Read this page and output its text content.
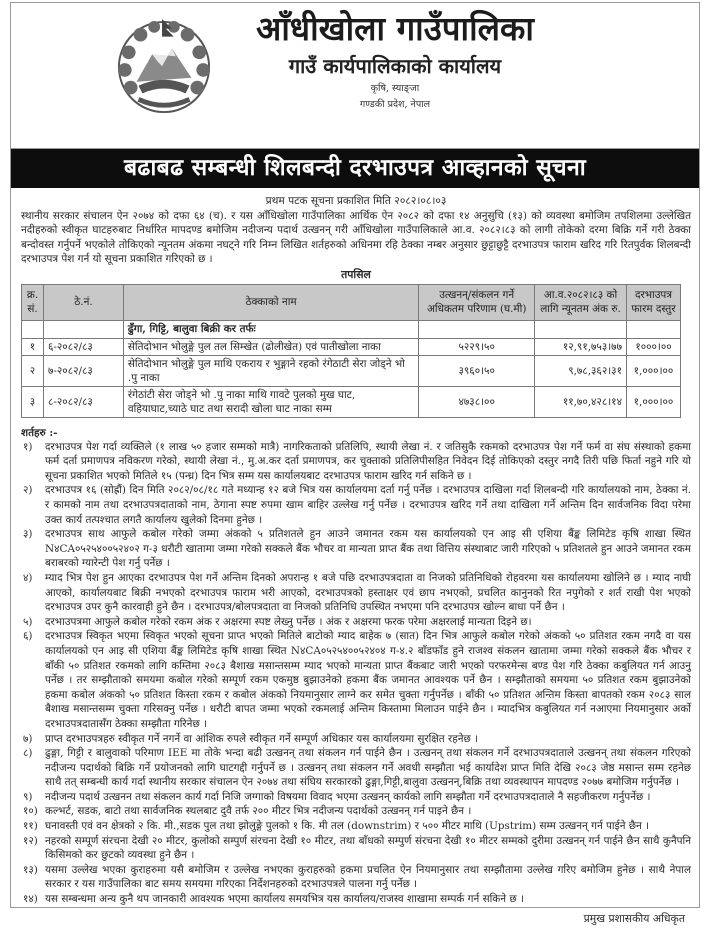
आँधीखोला गाउँपालिका
गाउँ कार्यपालिकाको कार्यालय
कृषि, स्याङ्जा
गण्डकी प्रदेश, नेपाल
बढाबढ सम्बन्धी शिलबन्दी दरभाउपत्र आव्हानको सूचना
प्रथम पटक सूचना प्रकाशित मिति २०८२।०८।०३

स्थानीय सरकार संचालन ऐन २०७४ को दफा ६४ (च). र यस आँधिखोला गाउँपालिका आर्थिक ऐन २०८२ को दफा १४ अनुसुचि (१३) को व्यवस्था बमोजिम तपशिलमा उल्लेखित नदीहरुको स्वीकृत घाटहरुबाट निर्धारित मापदण्ड बमोजिम नदीजन्य पदार्थ उत्खनन् गरी आँधिखोला गाउँपालिकाले आ.व. २०८२।८३ को लागी तोकेको दरमा बिक्रि गर्ने गरी ठेक्का बन्दोवस्त गर्नुपर्ने भएकोले तोकिएको न्यूनतम अंकमा नघट्ने गरि निम्न लिखित शर्तहरुको अधिनमा रहि ठेक्का नम्बर अनुसार छुट्टाछुट्टै दरभाउपत्र फाराम खरिद गरि रितपुर्वक शिलबन्दी दरभाउपत्र पेश गर्न यो सूचना प्रकाशित गरिएको छ ।

तपसिल
क्र. सं.	ठे.नं.	ठेक्काको नाम	उत्खनन्/संकलन गर्ने अधिकतम परिणाम (घ.मी)	आ.व.२०८२।८३ को लागि न्यूनतम अंक रु.	दरभाउपत्र फारम दस्तुर
		ढुँगा, गिट्टि, बालुवा बिक्री कर तर्फः			
१	६-२०८२/८३	सेतिदोभान भोलुङ्गे पुल तल सिम्खेत (ढोलीखेत) एवं पातीखोला नाका	५२२९।५०	१२,९१,७५३।७७	१०००।००
२	७-२०८२/८३	सेतिदोभान भोलुङ्गे पुल माथि एकराय र भुङ्गाने रहको रंगेठाटी सेरा जोड्ने भो .पु नाका	३९६०।५०	९,७८,३६२।३१	१,०००।००
३	८-२०८२/८३	रंगेठांटी सेरा जोड्ने भो .पु नाका माथि गावटे पुलको मुख घाट, वहियाघाट,च्याठे घाट तथा सरादी खोला घाट नाका सम्म	४७३८।००	११,७०,४२८।१४	१,०००।००
शर्तहरु :-
१) दरभाउपत्र पेश गर्दा व्यक्तिले (१ लाख ५० हजार सम्मको मात्रै) नागरिकताको प्रतिलिपि, स्थायी लेखा नं. र जतिसुकै रकमको दरभाउपत्र पेश गर्ने फर्म वा संघ संस्थाको हकमा फर्म दर्ता प्रमाणपत्र नविकरण गरेको, स्थायी लेखा नं., मु.अ.कर दर्ता प्रमाणपत्र, कर चुक्ताको प्रतिलिपीसहित निवेदन दिई तोकिएको दस्तुर नगदै तिरी पछि फिर्ता नहुने गरि यो सूचना प्रकाशित भएको मितिले १५ (पन्ध्र) दिन भित्र सम्म यस कार्यालयबाट दरभाउपत्र फाराम खरिद गर्न सकिने छ ।
२) दरभाउपत्र १६ (सोह्रौं) दिन मिति २०८२/०८/१८ गते मध्यान्ह १२ बजे भित्र यस कार्यालयमा दर्ता गर्नु पर्नेछ । दरभाउपत्र दाखिला गर्दा शिलबन्दी गरि कार्यालयको नाम, ठेक्का नं. र कामको नाम तथा दरभाउपत्रदाताको नाम, ठेगाना स्पष्ट रुपमा खाम बाहिर उल्लेख गर्नु पर्नेछ । दरभाउपत्र खरिद गर्ने तथा दाखिला गर्ने अन्तिम दिन सार्वजनिक विदा परेमा उक्त कार्य तत्पश्चात लगतै कार्यालय खुलेको दिनमा हुनेछ ।
३) दरभाउपत्र साथ आफुले कबोल गरेको जम्मा अंकको ५ प्रतिशतले हुन आउने जमानत रकम यस कार्यालयको एन आइ सी एशिया बैंङ्क लिमिटेड कृषि शाखा स्थित N४CA०५२५४००५२४०२ ग-३ धरौटी खातामा जम्मा गरेको सक्कले बैंक भौचर वा मान्यता प्राप्त बैंक तथा वित्तिय संस्थाबाट जारी गरिएको ५ प्रतिशतले हुन आउने जमानत रकम बराबरको ग्यारेन्टी पेश गर्नु पर्नेछ ।
४) म्याद भित्र पेश हुन आएका दरभाउपत्र पेश गर्ने अन्तिम दिनको अपरान्ह १ बजे पछि दरभाउपत्रदाता वा निजको प्रतिनिधिको रोहवरमा यस कार्यालयमा खोलिने छ । म्याद नाघी आएको, कार्यालयबाट बिक्री नभएको दरभाउपत्र फाराम भरी आएको, दरभाउपत्रको हस्ताक्षर एवं छाप नभएको, प्रचलित कानुनको रित नपुगेको र शर्त राखी पेश भएको दरभाउपत्र उपर कुनै कारवाही हुने छैन । दरभाउपत्र/बोलपत्रदाता वा निजको प्रतिनिधि उपस्थित नभएमा पनि दरभाउपत्र खोल्न बाधा पर्ने छैन ।
५) दरभाउपत्रमा आफुले कबोल गरेको रकम अंक र अक्षरमा स्पष्ट लेख्नु पर्नेछ । अंक र अक्षरमा फरक परेमा अक्षरलाई मान्यता दिइने छ।
६) दरभाउपत्र स्विकृत भएमा स्विकृत भएको सूचना प्राप्त भएको मितिले बाटोको म्याद बाहेक ७ (सात) दिन भित्र आफुले कबोल गरेको अंकको ५० प्रतिशत रकम नगदै वा यस कार्यालयको एन आइ सी एशिया बैंङ्क लिमिटेड कृषि शाखा स्थित N४CA०५२५४००५२४०४ ग-४.२ बाँडफाँड हुने राजश्व संकलन खातामा जम्मा गरेको सक्कले बैंक भौचर र बाँकी ५० प्रतिशत रकमको लागि कम्तिमा २०८३ बैशाख मसान्तसम्म म्याद भएको मान्यता प्राप्त बैंकबाट जारी भएको परफरमेन्स बण्ड पेश गरि ठेक्का कबुलियत गर्न आउनु पर्नेछ । तर सम्झौताको समयमा कबोल गरेको सम्पूर्ण रकम एकमुष्ठ बुझाउनेको हकमा बैंक जमानत आवश्यक पर्ने छैन । सम्झौताको समयमा ५० प्रतिशत रकम बुझाउनेको हकमा कबोल अंकको ५० प्रतिशत किस्ता रकम र कबोल अंकको नियमानुसार लाग्ने कर समेत चुक्ता गर्नुपर्नेछ । बाँकी ५० प्रतिशत अन्तिम किस्ता बापतको रकम २०८३ साल बैशाख मसान्तसम्म चुक्ता गरिसक्नु पर्नेछ । धरौटी बापत जम्मा भएको रकमलाई अन्तिम किस्तामा मिलाउन पाईने छैन । म्यादभित्र कबुलियत गर्न नआएमा नियमानुसार अर्को दरभाउपत्रदातासँग ठेक्का सम्झौता गरिनेछ ।
७) प्राप्त दरभाउपत्रहरु स्वीकृत गर्ने नगर्ने वा आंशिक रुपले स्वीकृत गर्ने सम्पूर्ण अधिकार यस कार्यालयमा सुरक्षित रहनेछ ।
८) ढुङ्गा, गिट्टी र बालुवाको परिमाण IEE मा तोके भन्दा बढी उत्खनन् तथा संकलन गर्न पाईने छैन । उत्खनन् तथा संकलन गर्ने दरभाउपत्रदाताले उत्खनन् तथा संकलन गरिएको नदीजन्य पदार्थको बिक्रि गर्ने प्रयोजनको लागि घाटगद्दी गर्नुपर्ने छ । उत्खनन् तथा संकलन गर्ने अवधी सम्झौता भई कार्यादेश प्राप्त मिति देखि २०८३ जेष्ठ मसान्त सम्म रहनेछ साथै तत् सम्बन्धी कार्य गर्दा स्थानीय सरकार संचालन ऐन २०७४ तथा संघिय सरकारको ढुङ्गा,गिट्टी,बालुवा उत्खनन्,बिक्रि तथा व्यवस्थापन मापदण्ड २०७७ बमोजिम गर्नुपर्नेछ ।
९) नदीजन्य पदार्थ उत्खनन तथा संकलन कार्य गर्दा निजि जग्गाको विषयमा विवाद भएमा उत्खनन् कार्यको लागि सम्झौता गर्ने दरभाउपत्रदाताले नै सहजीकरण गर्नुपर्नेछ ।
१०) कल्भर्ट, सडक, बाटो तथा सार्वजनिक स्थलबाट दुवै तर्फ २०० मीटर भित्र नदीजन्य पदार्थको उत्खनन् गर्न पाइने छैन ।
११) घनावस्ती एवं वन क्षेत्रको २ कि. मी.,सडक पुल तथा झोलुङ्गे पुलको १ कि. मी तल (downstrim) र ५०० मीटर माथि (Upstrim) सम्म उत्खनन् गर्न पाईने छैन ।
१२) नहरको सम्पूर्ण संरचना देखी २० मीटर, कुलोको सम्पुर्ण संरचना देखी १० मीटर, तथा बाँधको सम्पुर्ण संरचना देखी १० मीटर सम्मको दुरीमा उत्खनन् गर्न पाईने छैन साथै कुनैपनि किसिमको कर छुटको व्यवस्था हुने छैन ।
१३) यसमा उल्लेख भएका कुराहरुमा यसै बमोजिम र उल्लेख नभएका कुराहरुको हकमा प्रचलित ऐन नियमानुसार तथा सम्झौतामा उल्लेख गरिए बमोजिम हुनेछ । साथै नेपाल सरकार र यस गाउँपालिका बाट समय समयमा गरिएका निर्देशनहरुको दरभाउपत्रले पालना गर्नु पर्नेछ ।
१४) यस सम्बन्धमा अन्य कुनै थप जानकारी आवश्यक भएमा कार्यालय समयभित्र यस कार्यालय/राजस्व शाखामा सम्पर्क गर्न सकिने छ ।
प्रमुख प्रशासकीय अधिकृत
